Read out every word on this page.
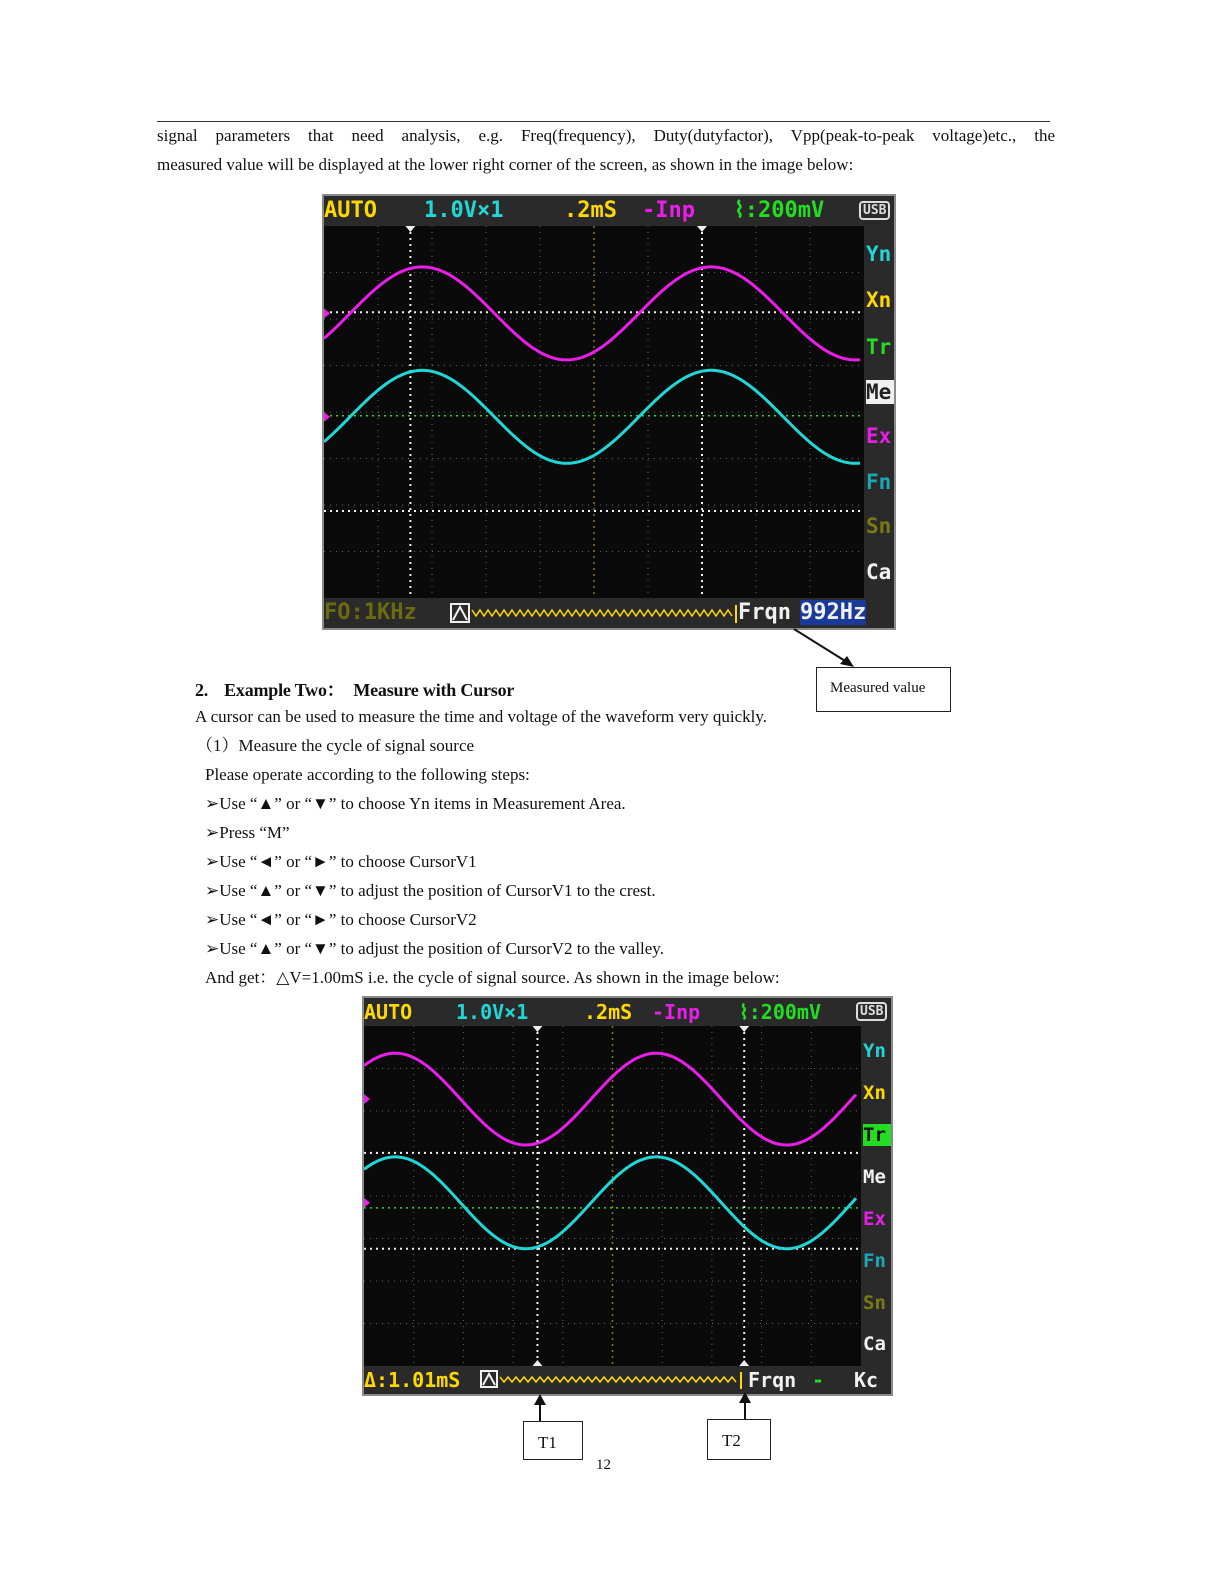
signal parameters that need analysis, e.g. Freq(frequency), Duty(dutyfactor), Vpp(peak-to-peak voltage)etc., the
measured value will be displayed at the lower right corner of the screen, as shown in the image below:
AUTO 1.0V×1	.2mS -Inp ⌇:200mV	USB
Yn
Xn
Tr
Me
Ex
Fn
Sn
Ca
FO:1KHz	Frqn 992Hz
Measured value
2. Example Two：　Measure with Cursor
A cursor can be used to measure the time and voltage of the waveform very quickly.
（1）Measure the cycle of signal source
Please operate according to the following steps:
➢Use “▲” or “▼” to choose Yn items in Measurement Area.
➢Press “M”
➢Use “◄” or “►” to choose CursorV1
➢Use “▲” or “▼” to adjust the position of CursorV1 to the crest.
➢Use “◄” or “►” to choose CursorV2
➢Use “▲” or “▼” to adjust the position of CursorV2 to the valley.
And get：△V=1.00mS i.e. the cycle of signal source. As shown in the image below:
AUTO 1.0V×1	.2mS -Inp ⌇:200mV	USB
Yn
Xn
Tr
Me
Ex
Fn
Sn
Ca
Δ:1.01mS	Frqn - Kc
T1	T2
12
